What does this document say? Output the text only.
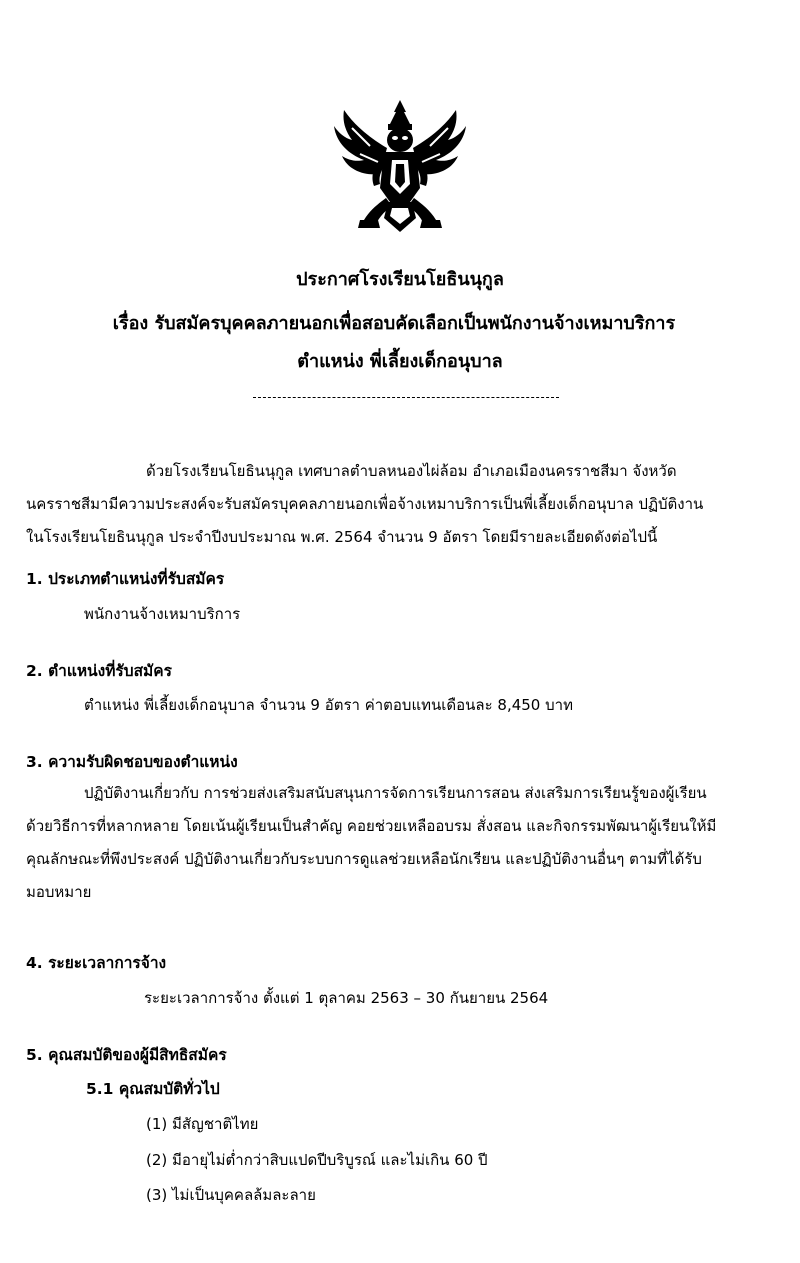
ประกาศโรงเรียนโยธินนุกูล
เรื่อง รับสมัครบุคคลภายนอกเพื่อสอบคัดเลือกเป็นพนักงานจ้างเหมาบริการ
ตำแหน่ง พี่เลี้ยงเด็กอนุบาล
ด้วยโรงเรียนโยธินนุกูล เทศบาลตำบลหนองไผ่ล้อม อำเภอเมืองนครราชสีมา จังหวัด
นครราชสีมามีความประสงค์จะรับสมัครบุคคลภายนอกเพื่อจ้างเหมาบริการเป็นพี่เลี้ยงเด็กอนุบาล ปฏิบัติงาน
ในโรงเรียนโยธินนุกูล ประจำปีงบประมาณ พ.ศ. 2564 จำนวน 9 อัตรา โดยมีรายละเอียดดังต่อไปนี้
1. ประเภทตำแหน่งที่รับสมัคร
พนักงานจ้างเหมาบริการ
2. ตำแหน่งที่รับสมัคร
ตำแหน่ง พี่เลี้ยงเด็กอนุบาล จำนวน 9 อัตรา ค่าตอบแทนเดือนละ 8,450 บาท
3. ความรับผิดชอบของตำแหน่ง
ปฏิบัติงานเกี่ยวกับ การช่วยส่งเสริมสนับสนุนการจัดการเรียนการสอน ส่งเสริมการเรียนรู้ของผู้เรียน
ด้วยวิธีการที่หลากหลาย โดยเน้นผู้เรียนเป็นสำคัญ คอยช่วยเหลืออบรม สั่งสอน และกิจกรรมพัฒนาผู้เรียนให้มี
คุณลักษณะที่พึงประสงค์ ปฏิบัติงานเกี่ยวกับระบบการดูแลช่วยเหลือนักเรียน และปฏิบัติงานอื่นๆ ตามที่ได้รับ
มอบหมาย
4. ระยะเวลาการจ้าง
ระยะเวลาการจ้าง ตั้งแต่ 1 ตุลาคม 2563 – 30 กันยายน 2564
5. คุณสมบัติของผู้มีสิทธิสมัคร
5.1 คุณสมบัติทั่วไป
(1) มีสัญชาติไทย
(2) มีอายุไม่ต่ำกว่าสิบแปดปีบริบูรณ์ และไม่เกิน 60 ปี
(3) ไม่เป็นบุคคลล้มละลาย
